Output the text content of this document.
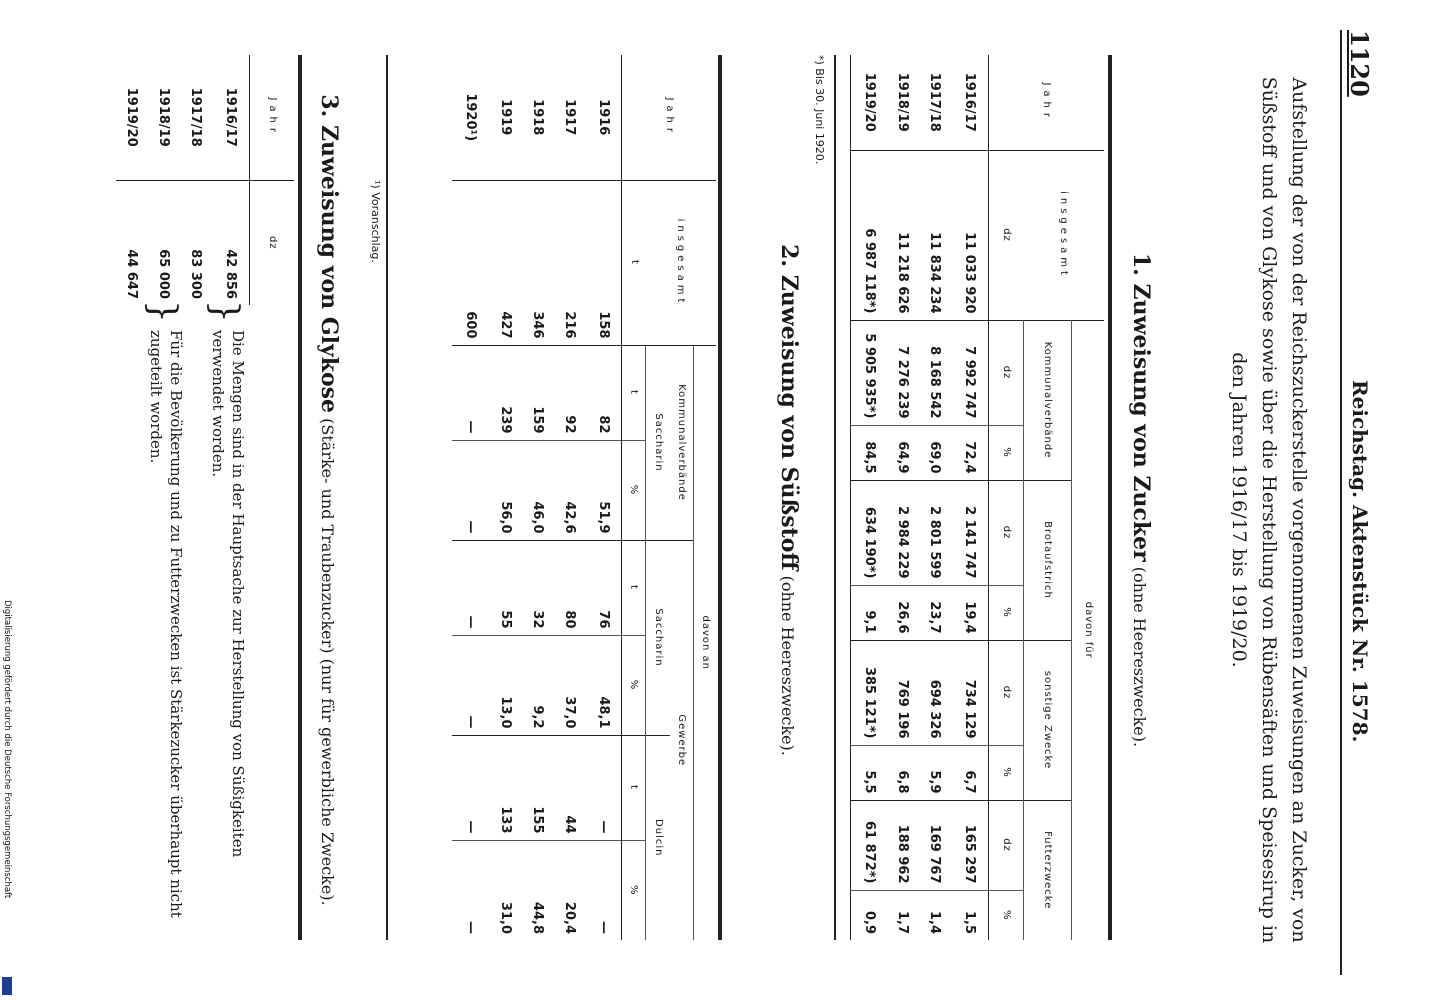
1120
Reichstag. Aktenstück Nr. 1578.
Aufstellung der von der Reichszuckerstelle vorgenommenen Zuweisungen an Zucker, von Süßstoff und von Glykose sowie über die Herstellung von Rübensäften und Speisesirup in den Jahren 1916/17 bis 1919/20.
1. Zuweisung von Zucker (ohne Heereszwecke).
Jahr	insgesamt	davon für							
		Kommunalverbände		Brotaufstrich		sonstige Zwecke		Futterzwecke	
	dz	dz	%	dz	%	dz	%	dz	%
1916/17	11 033 920	7 992 747	72,4	2 141 747	19,4	734 129	6,7	165 297	1,5
1917/18	11 834 234	8 168 542	69,0	2 801 599	23,7	694 326	5,9	169 767	1,4
1918/19	11 218 626	7 276 239	64,9	2 984 229	26,6	769 196	6,8	188 962	1,7
1919/20	6 987 118*)	5 905 935*)	84,5	634 190*)	9,1	385 121*)	5,5	61 872*)	0,9
*) Bis 30. Juni 1920.
2. Zuweisung von Süßstoff (ohne Heereszwecke).
Jahr	insgesamt	davon an					
		Kommunalverbände		Gewerbe			
		Saccharin		Saccharin		Dulcin	
	t	t	%	t	%	t	%
1916	158	82	51,9	76	48,1	—	—
1917	216	92	42,6	80	37,0	44	20,4
1918	346	159	46,0	32	9,2	155	44,8
1919	427	239	56,0	55	13,0	133	31,0
1920¹)	600	—	—	—	—	—	—
¹) Voranschlag.
3. Zuweisung von Glykose (Stärke- und Traubenzucker) (nur für gewerbliche Zwecke).
Jahr	dz
1916/17	42 856
1917/18	83 300
1918/19	65 000
1919/20	44 647
}
}
Die Mengen sind in der Hauptsache zur Herstellung von Süßigkeiten verwendet worden.
Für die Bevölkerung und zu Futterzwecken ist Stärkezucker überhaupt nicht zugeteilt worden.
Digitalisierung gefördert durch die Deutsche Forschungsgemeinschaft
